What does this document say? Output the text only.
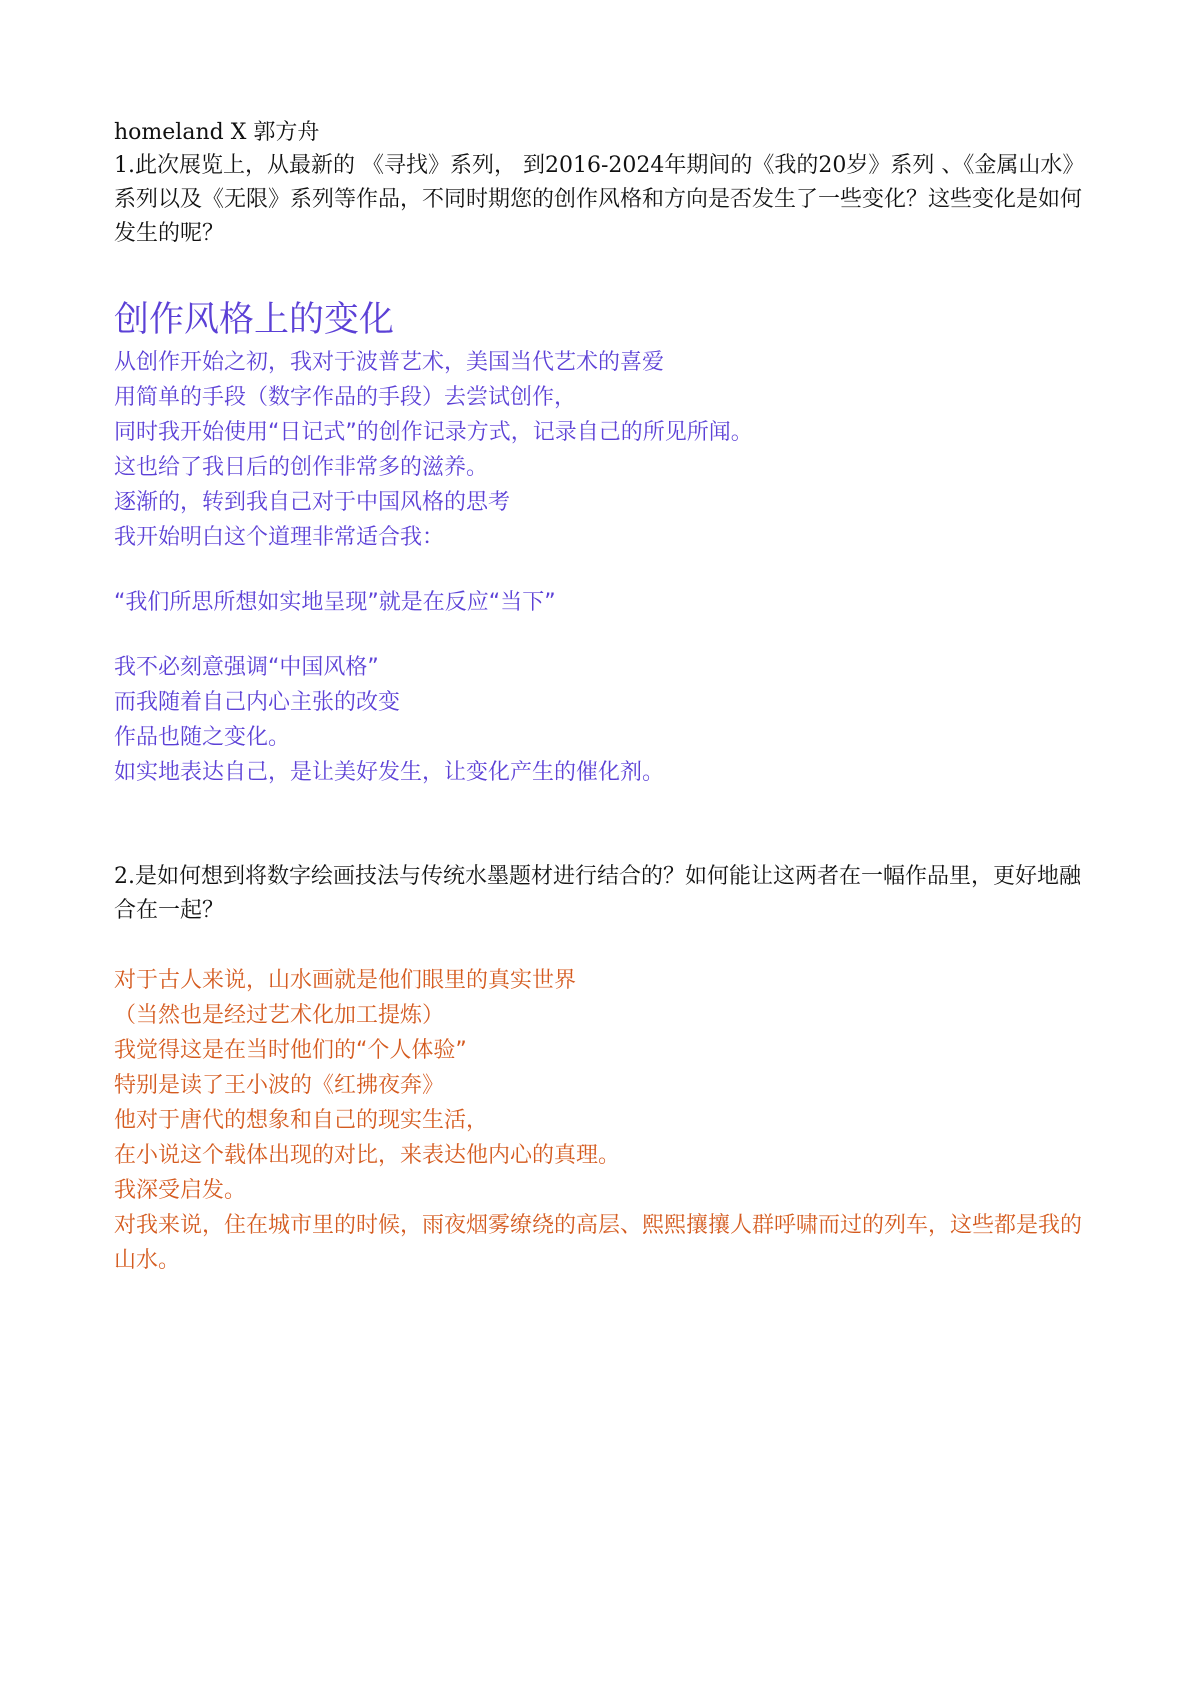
homeland X 郭方舟

1.此次展览上，从最新的 《寻找》系列， 到2016-2024年期间的《我的20岁》系列 、《金属山水》系列以及《无限》系列等作品，不同时期您的创作风格和方向是否发生了一些变化？这些变化是如何发生的呢？

创作风格上的变化

从创作开始之初，我对于波普艺术，美国当代艺术的喜爱

用简单的手段（数字作品的手段）去尝试创作，

同时我开始使用“日记式”的创作记录方式，记录自己的所见所闻。

这也给了我日后的创作非常多的滋养。

逐渐的，转到我自己对于中国风格的思考

我开始明白这个道理非常适合我：

“我们所思所想如实地呈现”就是在反应“当下”

我不必刻意强调“中国风格”

而我随着自己内心主张的改变

作品也随之变化。

如实地表达自己，是让美好发生，让变化产生的催化剂。

2.是如何想到将数字绘画技法与传统水墨题材进行结合的？如何能让这两者在一幅作品里，更好地融合在一起？

对于古人来说，山水画就是他们眼里的真实世界

（当然也是经过艺术化加工提炼）

我觉得这是在当时他们的“个人体验”

特别是读了王小波的《红拂夜奔》

他对于唐代的想象和自己的现实生活，

在小说这个载体出现的对比，来表达他内心的真理。

我深受启发。

对我来说，住在城市里的时候，雨夜烟雾缭绕的高层、熙熙攘攘人群呼啸而过的列车，这些都是我的山水。
